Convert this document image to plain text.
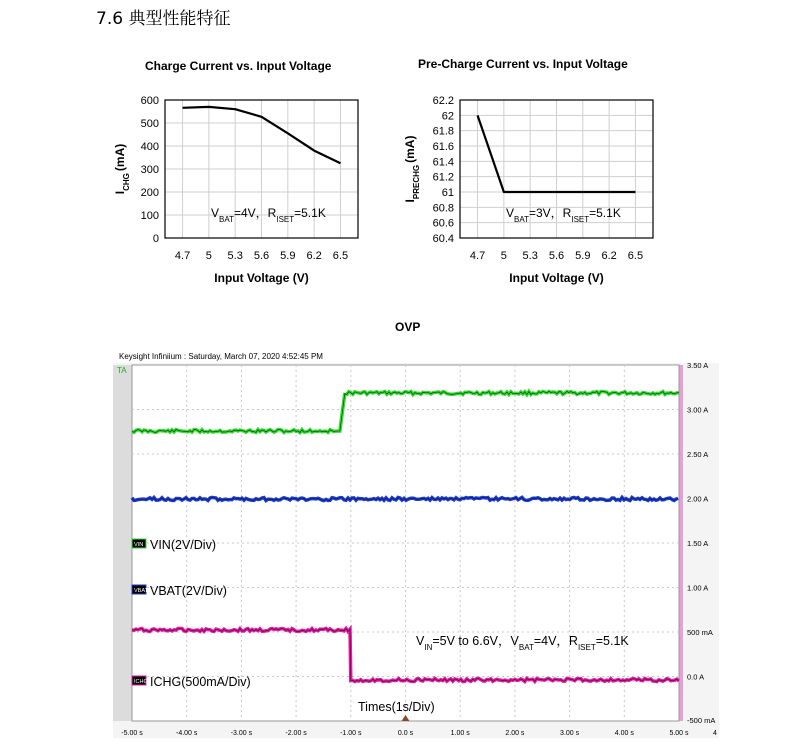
7.6 典型性能特征
Charge Current vs. Input Voltage
0
100
200
300
400
500
600
4.7 5 5.3 5.6 5.9 6.2 6.5
Input Voltage (V)
$I_{CHG}(mA)$
$V_{BAT}=4V$，$R_{ISET}=5.1K$
Pre-Charge Current vs. Input Voltage
60.4
60.6
60.8
61
61.2
61.4
61.6
61.8
62
62.2
4.7 5 5.3 5.6 5.9 6.2 6.5
Input Voltage (V)
$I_{PRECHG}(mA)$
$V_{BAT}=3V$，$R_{ISET}=5.1K$
OVP
Keysight Infiniium : Saturday, March 07, 2020 4:52:45 PM
TA
3.50 A
3.00 A
2.50 A
2.00 A
1.50 A
1.00 A
500 mA
0.0 A
-500 mA
-5.00 s	-4.00 s	-3.00 s	-2.00 s	-1.00 s	0.0 s	1.00 s	2.00 s	3.00 s	4.00 s	5.00 s	4
VIN VIN(2V/Div)
VBAT VBAT(2V/Div)
ICHG ICHG(500mA/Div)
$V_{IN}=5V$ to 6.6V，$V_{BAT}=4V$，$R_{ISET}=5.1K$
Times(1s/Div)
